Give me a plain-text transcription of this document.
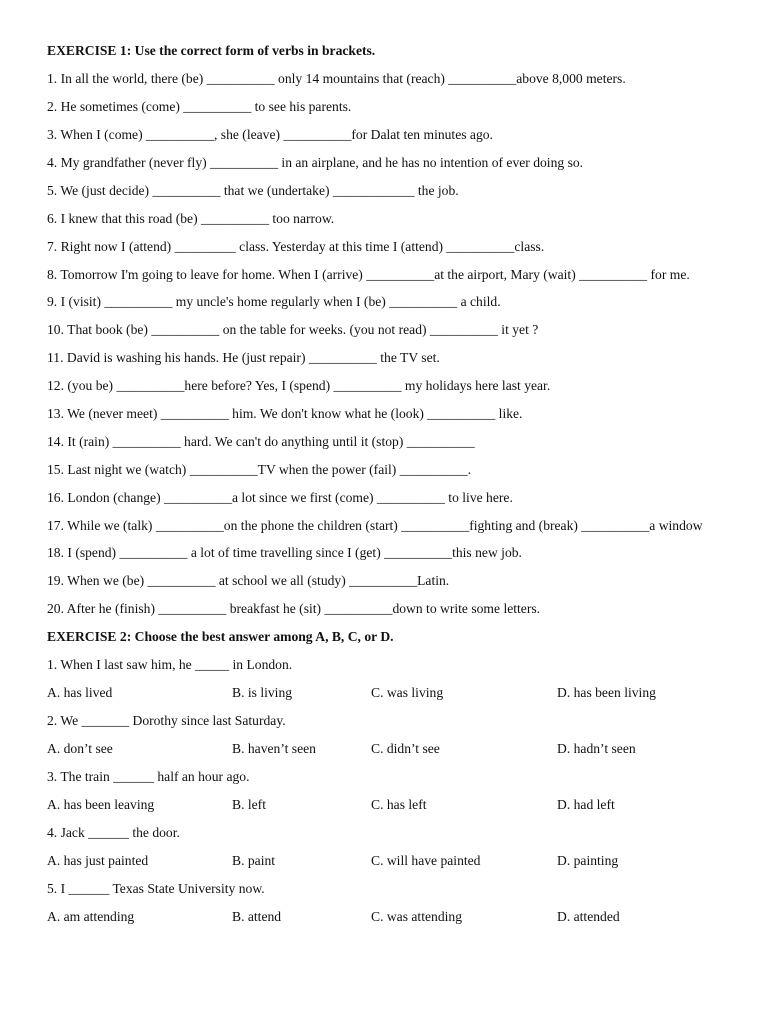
EXERCISE 1: Use the correct form of verbs in brackets.

1. In all the world, there (be) __________ only 14 mountains that (reach) __________above 8,000 meters.

2. He sometimes (come) __________ to see his parents.

3. When I (come) __________, she (leave) __________for Dalat ten minutes ago.

4. My grandfather (never fly) __________ in an airplane, and he has no intention of ever doing so.

5. We (just decide) __________ that we (undertake) ____________ the job.

6. I knew that this road (be) __________ too narrow.

7. Right now I (attend) _________ class. Yesterday at this time I (attend) __________class.

8. Tomorrow I'm going to leave for home. When I (arrive) __________at the airport, Mary (wait) __________ for me.

9. I (visit) __________ my uncle's home regularly when I (be) __________ a child.

10. That book (be) __________ on the table for weeks. (you not read) __________ it yet ?

11. David is washing his hands. He (just repair) __________ the TV set.

12. (you be) __________here before? Yes, I (spend) __________ my holidays here last year.

13. We (never meet) __________ him. We don't know what he (look) __________ like.

14. It (rain) __________ hard. We can't do anything until it (stop) __________

15. Last night we (watch) __________TV when the power (fail) __________.

16. London (change) __________a lot since we first (come) __________ to live here.

17. While we (talk) __________on the phone the children (start) __________fighting and (break) __________a window

18. I (spend) __________ a lot of time travelling since I (get) __________this new job.

19. When we (be) __________ at school we all (study) __________Latin.

20. After he (finish) __________ breakfast he (sit) __________down to write some letters.

EXERCISE 2: Choose the best answer among A, B, C, or D.

1. When I last saw him, he _____ in London.

A. has lived	B. is living	C. was living	D. has been living

2. We _______ Dorothy since last Saturday.

A. don’t see	B. haven’t seen	C. didn’t see	D. hadn’t seen

3. The train ______ half an hour ago.

A. has been leaving	B. left	C. has left	D. had left

4. Jack ______ the door.

A. has just painted	B. paint	C. will have painted	D. painting

5. I ______ Texas State University now.

A. am attending	B. attend	C. was attending	D. attended
